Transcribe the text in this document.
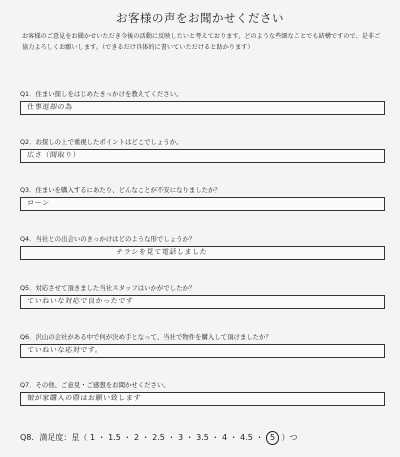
お客様の声をお聞かせください
お客様のご意見をお聞かせいただき今後の活動に反映したいと考えております。どのような些細なことでも結構ですので、是非ご協力よろしくお願いします。（できるだけ具体的に書いていただけると助かります）
Q1．住まい探しをはじめたきっかけを教えてください。
仕事退却の為
Q2．お探しの上で重視したポイントはどこでしょうか。
広さ（間取り）
Q3．住まいを購入するにあたり、どんなことが不安になりましたか？
ローン
Q4．当社との出会いのきっかけはどのような形でしょうか？
チラシを見て電話しました
Q5．対応させて頂きました当社スタッフはいかがでしたか？
ていねいな対応で良かったです
Q6．沢山の会社がある中で何が決め手となって、当社で物件を購入して頂けましたか？
ていねいな応対です。
Q7．その他、ご意見・ご感想をお聞かせください。
娘が家購入の際はお願い致します
Q8．満足度：星（ 1 ・ 1.5 ・ 2 ・ 2.5 ・ 3 ・ 3.5 ・ 4 ・ 4.5 ・ 5 ）つ
